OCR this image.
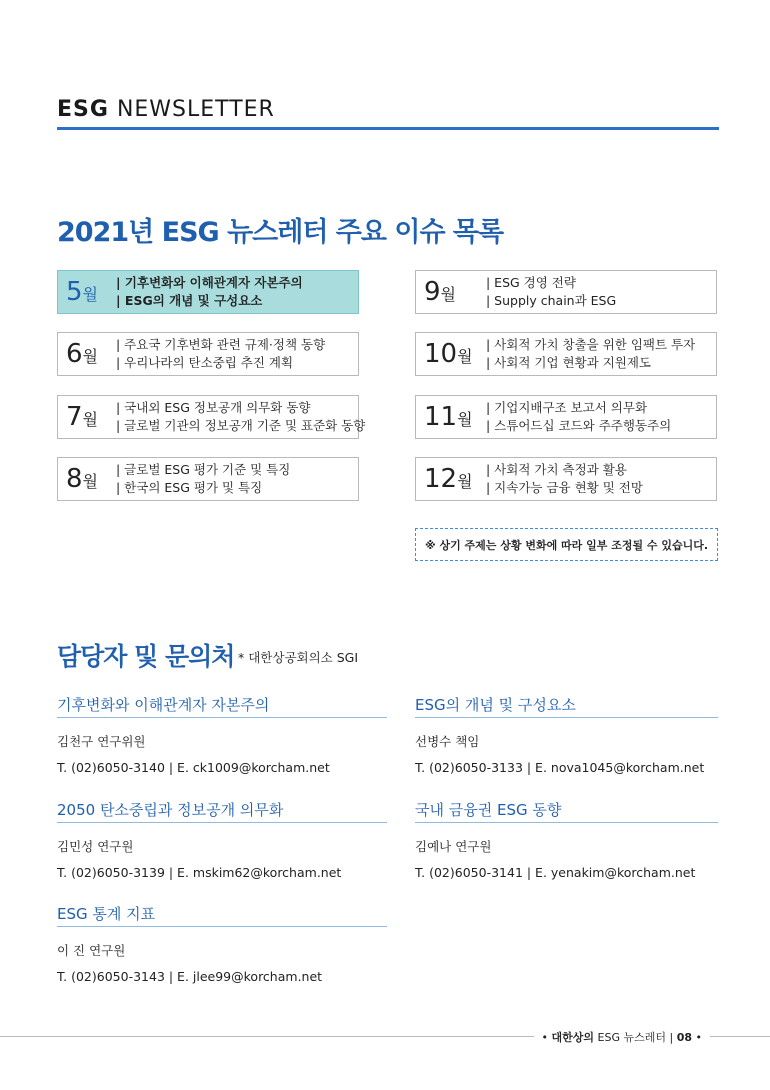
ESG NEWSLETTER
2021년 ESG 뉴스레터 주요 이슈 목록
5월
| 기후변화와 이해관계자 자본주의
| ESG의 개념 및 구성요소
6월
| 주요국 기후변화 관련 규제·정책 동향
| 우리나라의 탄소중립 추진 계획
7월
| 국내외 ESG 정보공개 의무화 동향
| 글로벌 기관의 정보공개 기준 및 표준화 동향
8월
| 글로벌 ESG 평가 기준 및 특징
| 한국의 ESG 평가 및 특징
9월
| ESG 경영 전략
| Supply chain과 ESG
10월
| 사회적 가치 창출을 위한 임팩트 투자
| 사회적 기업 현황과 지원제도
11월
| 기업지배구조 보고서 의무화
| 스튜어드십 코드와 주주행동주의
12월
| 사회적 가치 측정과 활용
| 지속가능 금융 현황 및 전망
※ 상기 주제는 상황 변화에 따라 일부 조정될 수 있습니다.
담당자 및 문의처 * 대한상공회의소 SGI
기후변화와 이해관계자 자본주의
김천구 연구위원
T. (02)6050-3140 | E. ck1009@korcham.net
ESG의 개념 및 구성요소
선병수 책임
T. (02)6050-3133 | E. nova1045@korcham.net
2050 탄소중립과 정보공개 의무화
김민성 연구원
T. (02)6050-3139 | E. mskim62@korcham.net
국내 금융권 ESG 동향
김예나 연구원
T. (02)6050-3141 | E. yenakim@korcham.net
ESG 통계 지표
이 진 연구원
T. (02)6050-3143 | E. jlee99@korcham.net
• 대한상의 ESG 뉴스레터 | 08 •
